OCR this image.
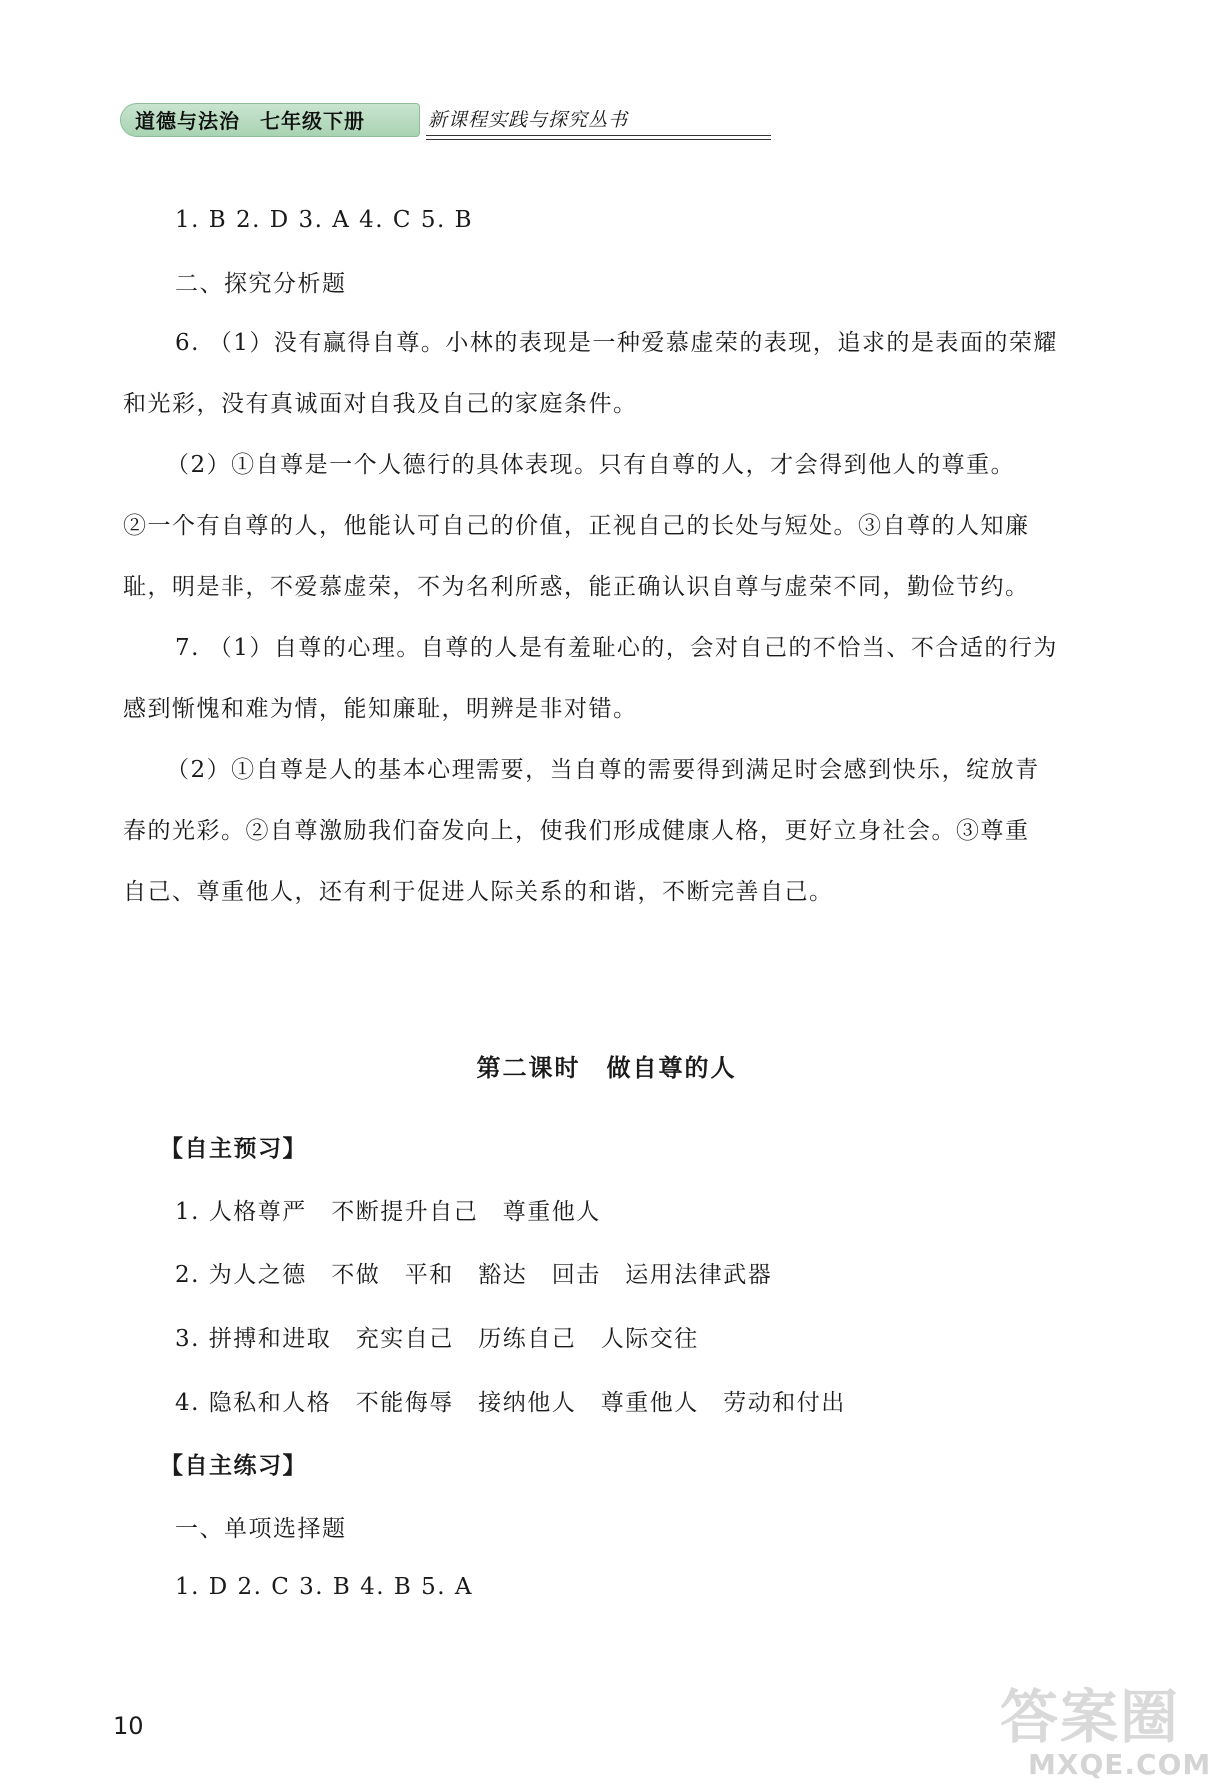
道德与法治 七年级下册	新课程实践与探究丛书
1. B 2. D 3. A 4. C 5. B
二、探究分析题
6. （1）没有赢得自尊。小林的表现是一种爱慕虚荣的表现，追求的是表面的荣耀
和光彩，没有真诚面对自我及自己的家庭条件。
（2）①自尊是一个人德行的具体表现。只有自尊的人，才会得到他人的尊重。
②一个有自尊的人，他能认可自己的价值，正视自己的长处与短处。③自尊的人知廉
耻，明是非，不爱慕虚荣，不为名利所惑，能正确认识自尊与虚荣不同，勤俭节约。
7. （1）自尊的心理。自尊的人是有羞耻心的，会对自己的不恰当、不合适的行为
感到惭愧和难为情，能知廉耻，明辨是非对错。
（2）①自尊是人的基本心理需要，当自尊的需要得到满足时会感到快乐，绽放青
春的光彩。②自尊激励我们奋发向上，使我们形成健康人格，更好立身社会。③尊重
自己、尊重他人，还有利于促进人际关系的和谐，不断完善自己。
第二课时　做自尊的人
【自主预习】
1. 人格尊严　不断提升自己　尊重他人
2. 为人之德　不做　平和　豁达　回击　运用法律武器
3. 拼搏和进取　充实自己　历练自己　人际交往
4. 隐私和人格　不能侮辱　接纳他人　尊重他人　劳动和付出
【自主练习】
一、单项选择题
1. D 2. C 3. B 4. B 5. A
10	答案圈
MXQE.COM
